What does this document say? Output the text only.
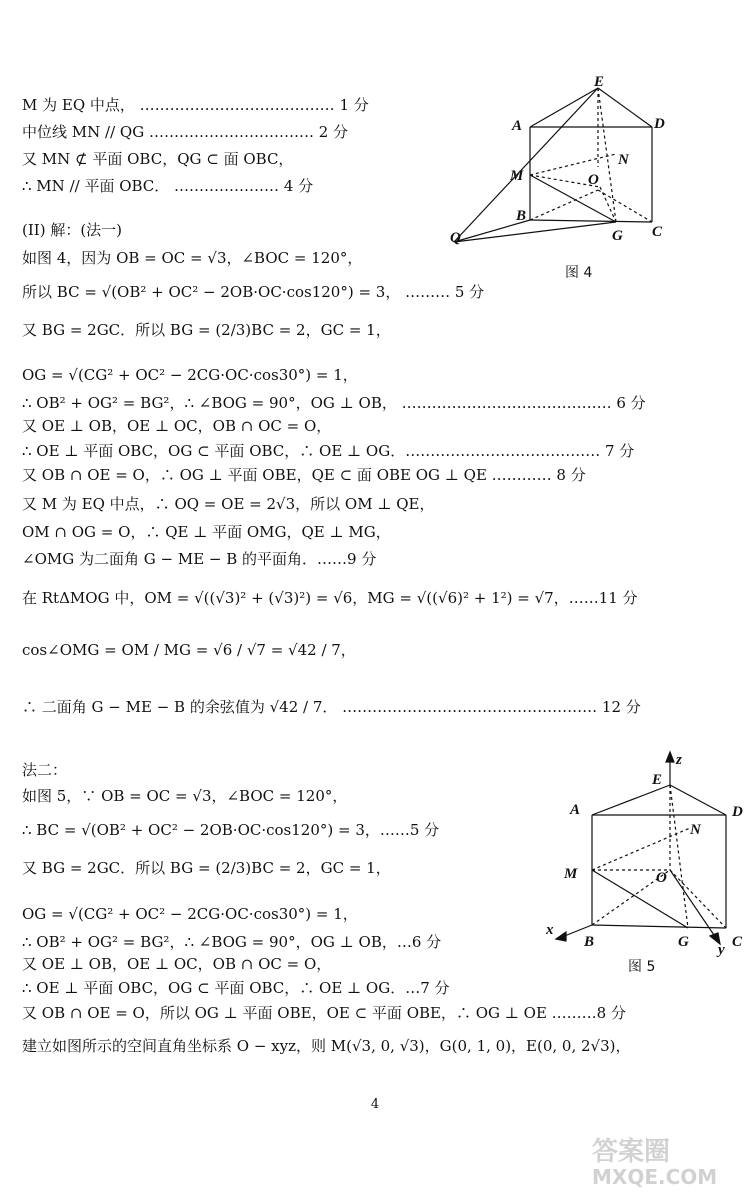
M 为 EQ 中点， ………………………………… 1 分
中位线 MN // QG …………………………… 2 分
又 MN ⊄ 平面 OBC，QG ⊂ 面 OBC，
∴ MN // 平面 OBC． ………………… 4 分
(II) 解：(法一)
如图 4，因为 OB = OC = √3，∠BOC = 120°，
所以 BC = √(OB² + OC² − 2OB·OC·cos120°) = 3， ……… 5 分
又 BG = 2GC．所以 BG = (2/3)BC = 2，GC = 1，
OG = √(CG² + OC² − 2CG·OC·cos30°) = 1，
∴ OB² + OG² = BG²，∴ ∠BOG = 90°，OG ⊥ OB， …………………………………… 6 分
又 OE ⊥ OB，OE ⊥ OC，OB ∩ OC = O，
∴ OE ⊥ 平面 OBC，OG ⊂ 平面 OBC，∴ OE ⊥ OG．………………………………… 7 分
又 OB ∩ OE = O，∴ OG ⊥ 平面 OBE，QE ⊂ 面 OBE OG ⊥ QE ………… 8 分
又 M 为 EQ 中点，∴ OQ = OE = 2√3，所以 OM ⊥ QE，
OM ∩ OG = O，∴ QE ⊥ 平面 OMG，QE ⊥ MG，
∠OMG 为二面角 G − ME − B 的平面角．……9 分
在 RtΔMOG 中，OM = √((√3)² + (√3)²) = √6，MG = √((√6)² + 1²) = √7，……11 分
cos∠OMG = OM / MG = √6 / √7 = √42 / 7，
∴ 二面角 G − ME − B 的余弦值为 √42 / 7． …………………………………………… 12 分
法二：
如图 5，∵ OB = OC = √3，∠BOC = 120°，
∴ BC = √(OB² + OC² − 2OB·OC·cos120°) = 3，……5 分
又 BG = 2GC．所以 BG = (2/3)BC = 2，GC = 1，
OG = √(CG² + OC² − 2CG·OC·cos30°) = 1，
∴ OB² + OG² = BG²，∴ ∠BOG = 90°，OG ⊥ OB，…6 分
又 OE ⊥ OB，OE ⊥ OC，OB ∩ OC = O，
∴ OE ⊥ 平面 OBC，OG ⊂ 平面 OBC，∴ OE ⊥ OG．…7 分
又 OB ∩ OE = O，所以 OG ⊥ 平面 OBE，OE ⊂ 平面 OBE，∴ OG ⊥ OE ………8 分
建立如图所示的空间直角坐标系 O − xyz，则 M(√3, 0, √3)，G(0, 1, 0)，E(0, 0, 2√3)，
E
A	D
N
M	O
B
Q	G C
图 4
z
E
A	D
N
M	O
x
B	G y C
图 5
4
答案圈
MXQE.COM
